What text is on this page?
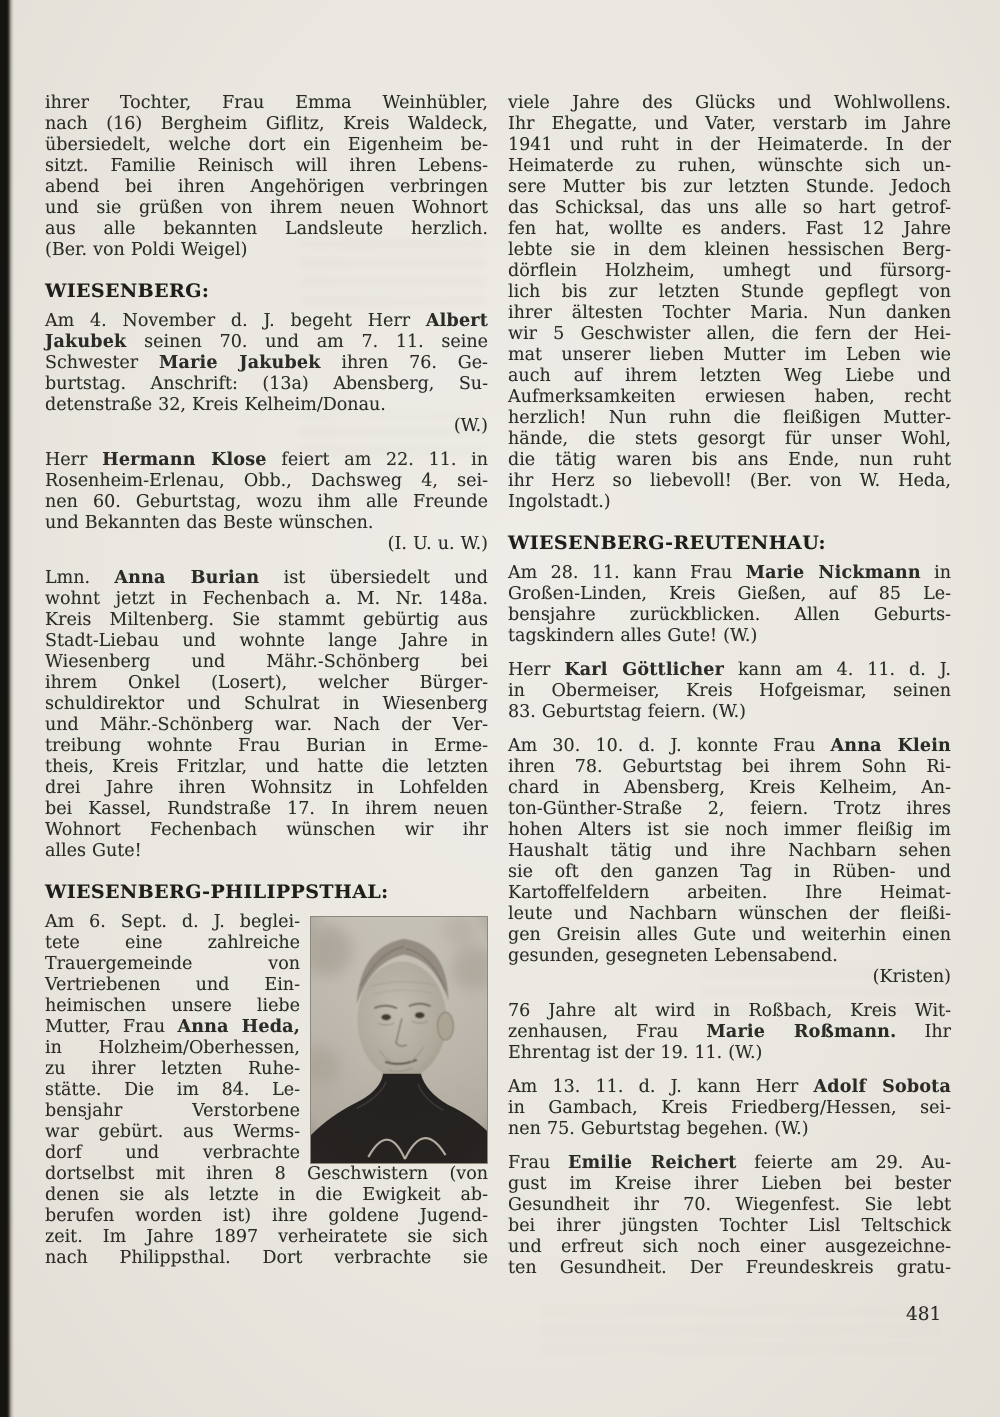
ihrer Tochter, Frau Emma Weinhübler,
nach (16) Bergheim Giflitz, Kreis Waldeck,
übersiedelt, welche dort ein Eigenheim be-
sitzt. Familie Reinisch will ihren Lebens-
abend bei ihren Angehörigen verbringen
und sie grüßen von ihrem neuen Wohnort
aus alle bekannten Landsleute herzlich.
(Ber. von Poldi Weigel)
WIESENBERG:
Am 4. November d. J. begeht Herr Albert
Jakubek seinen 70. und am 7. 11. seine
Schwester Marie Jakubek ihren 76. Ge-
burtstag. Anschrift: (13a) Abensberg, Su-
detenstraße 32, Kreis Kelheim/Donau.
(W.)
Herr Hermann Klose feiert am 22. 11. in
Rosenheim-Erlenau, Obb., Dachsweg 4, sei-
nen 60. Geburtstag, wozu ihm alle Freunde
und Bekannten das Beste wünschen.
(I. U. u. W.)
Lmn. Anna Burian ist übersiedelt und
wohnt jetzt in Fechenbach a. M. Nr. 148a.
Kreis Miltenberg. Sie stammt gebürtig aus
Stadt-Liebau und wohnte lange Jahre in
Wiesenberg und Mähr.-Schönberg bei
ihrem Onkel (Losert), welcher Bürger-
schuldirektor und Schulrat in Wiesenberg
und Mähr.-Schönberg war. Nach der Ver-
treibung wohnte Frau Burian in Erme-
theis, Kreis Fritzlar, und hatte die letzten
drei Jahre ihren Wohnsitz in Lohfelden
bei Kassel, Rundstraße 17. In ihrem neuen
Wohnort Fechenbach wünschen wir ihr
alles Gute!
WIESENBERG-PHILIPPSTHAL:
Am 6. Sept. d. J. beglei-
tete eine zahlreiche
Trauergemeinde von
Vertriebenen und Ein-
heimischen unsere liebe
Mutter, Frau Anna Heda,
in Holzheim/Oberhessen,
zu ihrer letzten Ruhe-
stätte. Die im 84. Le-
bensjahr Verstorbene
war gebürt. aus Werms-
dorf und verbrachte
dortselbst mit ihren 8 Geschwistern (von
denen sie als letzte in die Ewigkeit ab-
berufen worden ist) ihre goldene Jugend-
zeit. Im Jahre 1897 verheiratete sie sich
nach Philippsthal. Dort verbrachte sie
viele Jahre des Glücks und Wohlwollens.
Ihr Ehegatte, und Vater, verstarb im Jahre
1941 und ruht in der Heimaterde. In der
Heimaterde zu ruhen, wünschte sich un-
sere Mutter bis zur letzten Stunde. Jedoch
das Schicksal, das uns alle so hart getrof-
fen hat, wollte es anders. Fast 12 Jahre
lebte sie in dem kleinen hessischen Berg-
dörflein Holzheim, umhegt und fürsorg-
lich bis zur letzten Stunde gepflegt von
ihrer ältesten Tochter Maria. Nun danken
wir 5 Geschwister allen, die fern der Hei-
mat unserer lieben Mutter im Leben wie
auch auf ihrem letzten Weg Liebe und
Aufmerksamkeiten erwiesen haben, recht
herzlich! Nun ruhn die fleißigen Mutter-
hände, die stets gesorgt für unser Wohl,
die tätig waren bis ans Ende, nun ruht
ihr Herz so liebevoll! (Ber. von W. Heda,
Ingolstadt.)
WIESENBERG-REUTENHAU:
Am 28. 11. kann Frau Marie Nickmann in
Großen-Linden, Kreis Gießen, auf 85 Le-
bensjahre zurückblicken. Allen Geburts-
tagskindern alles Gute! (W.)
Herr Karl Göttlicher kann am 4. 11. d. J.
in Obermeiser, Kreis Hofgeismar, seinen
83. Geburtstag feiern. (W.)
Am 30. 10. d. J. konnte Frau Anna Klein
ihren 78. Geburtstag bei ihrem Sohn Ri-
chard in Abensberg, Kreis Kelheim, An-
ton-Günther-Straße 2, feiern. Trotz ihres
hohen Alters ist sie noch immer fleißig im
Haushalt tätig und ihre Nachbarn sehen
sie oft den ganzen Tag in Rüben- und
Kartoffelfeldern arbeiten. Ihre Heimat-
leute und Nachbarn wünschen der fleißi-
gen Greisin alles Gute und weiterhin einen
gesunden, gesegneten Lebensabend.
(Kristen)
76 Jahre alt wird in Roßbach, Kreis Wit-
zenhausen, Frau Marie Roßmann. Ihr
Ehrentag ist der 19. 11. (W.)
Am 13. 11. d. J. kann Herr Adolf Sobota
in Gambach, Kreis Friedberg/Hessen, sei-
nen 75. Geburtstag begehen. (W.)
Frau Emilie Reichert feierte am 29. Au-
gust im Kreise ihrer Lieben bei bester
Gesundheit ihr 70. Wiegenfest. Sie lebt
bei ihrer jüngsten Tochter Lisl Teltschick
und erfreut sich noch einer ausgezeichne-
ten Gesundheit. Der Freundeskreis gratu-
481
